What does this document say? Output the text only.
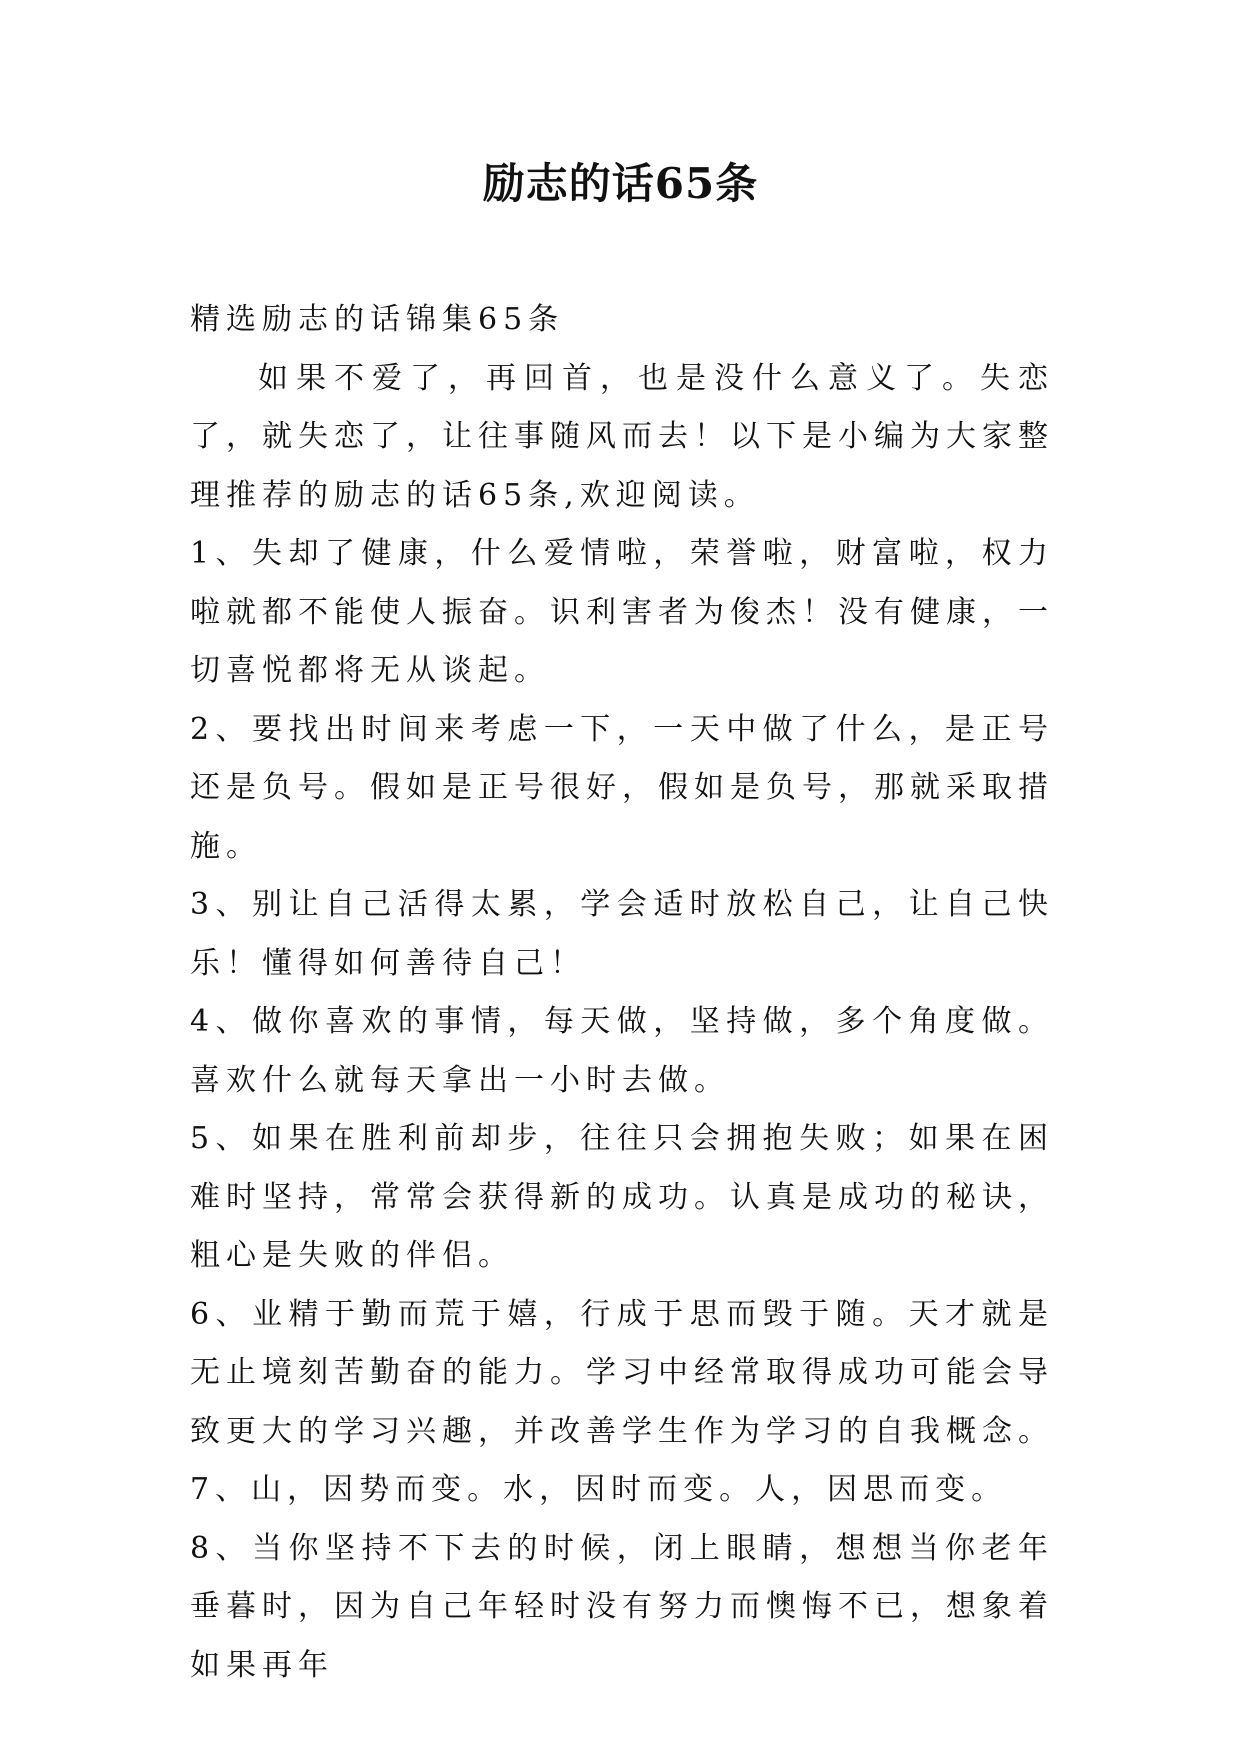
励志的话65条

精选励志的话锦集65条

如果不爱了，再回首，也是没什么意义了。失恋了，就失恋了，让往事随风而去！以下是小编为大家整理推荐的励志的话65条,欢迎阅读。

1、失却了健康，什么爱情啦，荣誉啦，财富啦，权力啦就都不能使人振奋。识利害者为俊杰！没有健康，一切喜悦都将无从谈起。

2、要找出时间来考虑一下，一天中做了什么，是正号还是负号。假如是正号很好，假如是负号，那就采取措施。

3、别让自己活得太累，学会适时放松自己，让自己快乐！懂得如何善待自己！

4、做你喜欢的事情，每天做，坚持做，多个角度做。喜欢什么就每天拿出一小时去做。

5、如果在胜利前却步，往往只会拥抱失败；如果在困难时坚持，常常会获得新的成功。认真是成功的秘诀，粗心是失败的伴侣。

6、业精于勤而荒于嬉，行成于思而毁于随。天才就是无止境刻苦勤奋的能力。学习中经常取得成功可能会导致更大的学习兴趣，并改善学生作为学习的自我概念。

7、山，因势而变。水，因时而变。人，因思而变。

8、当你坚持不下去的时候，闭上眼睛，想想当你老年垂暮时，因为自己年轻时没有努力而懊悔不已，想象着如果再年
